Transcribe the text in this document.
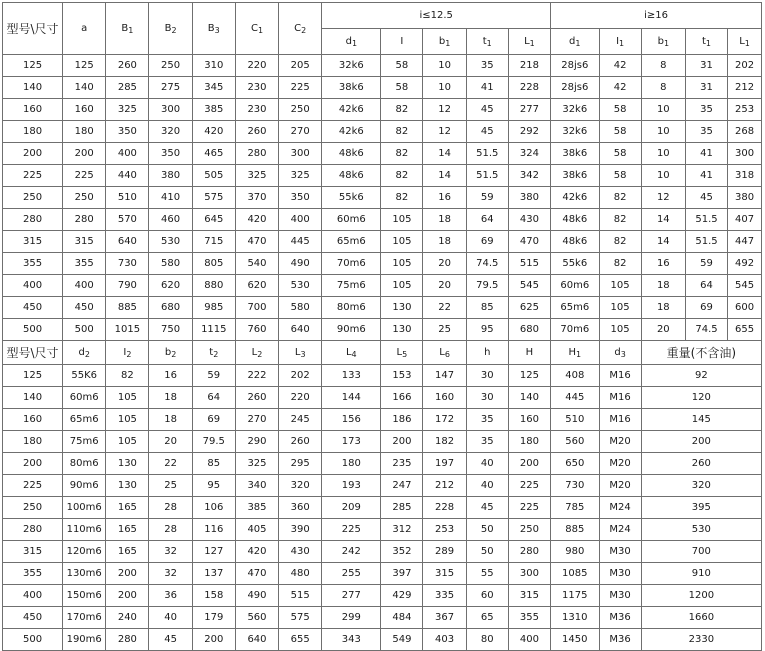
型号\尺寸	a	$B_1$	$B_2$	$B_3$	$C_1$	$C_2$	i≤12.5					i≥16				
							$d_1$	I	$b_1$	$t_1$	$L_1$	$d_1$	$I_1$	$b_1$	$t_1$	$L_1$
125	125	260	250	310	220	205	32k6	58	10	35	218	28js6	42	8	31	202
140	140	285	275	345	230	225	38k6	58	10	41	228	28js6	42	8	31	212
160	160	325	300	385	230	250	42k6	82	12	45	277	32k6	58	10	35	253
180	180	350	320	420	260	270	42k6	82	12	45	292	32k6	58	10	35	268
200	200	400	350	465	280	300	48k6	82	14	51.5	324	38k6	58	10	41	300
225	225	440	380	505	325	325	48k6	82	14	51.5	342	38k6	58	10	41	318
250	250	510	410	575	370	350	55k6	82	16	59	380	42k6	82	12	45	380
280	280	570	460	645	420	400	60m6	105	18	64	430	48k6	82	14	51.5	407
315	315	640	530	715	470	445	65m6	105	18	69	470	48k6	82	14	51.5	447
355	355	730	580	805	540	490	70m6	105	20	74.5	515	55k6	82	16	59	492
400	400	790	620	880	620	530	75m6	105	20	79.5	545	60m6	105	18	64	545
450	450	885	680	985	700	580	80m6	130	22	85	625	65m6	105	18	69	600
500	500	1015	750	1115	760	640	90m6	130	25	95	680	70m6	105	20	74.5	655
型号\尺寸	$d_2$	$I_2$	$b_2$	$t_2$	$L_2$	$L_3$	$L_4$	$L_5$	$L_6$	h	H	$H_1$	$d_3$	重量(不含油)		
125	55K6	82	16	59	222	202	133	153	147	30	125	408	M16	92		
140	60m6	105	18	64	260	220	144	166	160	30	140	445	M16	120		
160	65m6	105	18	69	270	245	156	186	172	35	160	510	M16	145		
180	75m6	105	20	79.5	290	260	173	200	182	35	180	560	M20	200		
200	80m6	130	22	85	325	295	180	235	197	40	200	650	M20	260		
225	90m6	130	25	95	340	320	193	247	212	40	225	730	M20	320		
250	100m6	165	28	106	385	360	209	285	228	45	225	785	M24	395		
280	110m6	165	28	116	405	390	225	312	253	50	250	885	M24	530		
315	120m6	165	32	127	420	430	242	352	289	50	280	980	M30	700		
355	130m6	200	32	137	470	480	255	397	315	55	300	1085	M30	910		
400	150m6	200	36	158	490	515	277	429	335	60	315	1175	M30	1200		
450	170m6	240	40	179	560	575	299	484	367	65	355	1310	M36	1660		
500	190m6	280	45	200	640	655	343	549	403	80	400	1450	M36	2330		
